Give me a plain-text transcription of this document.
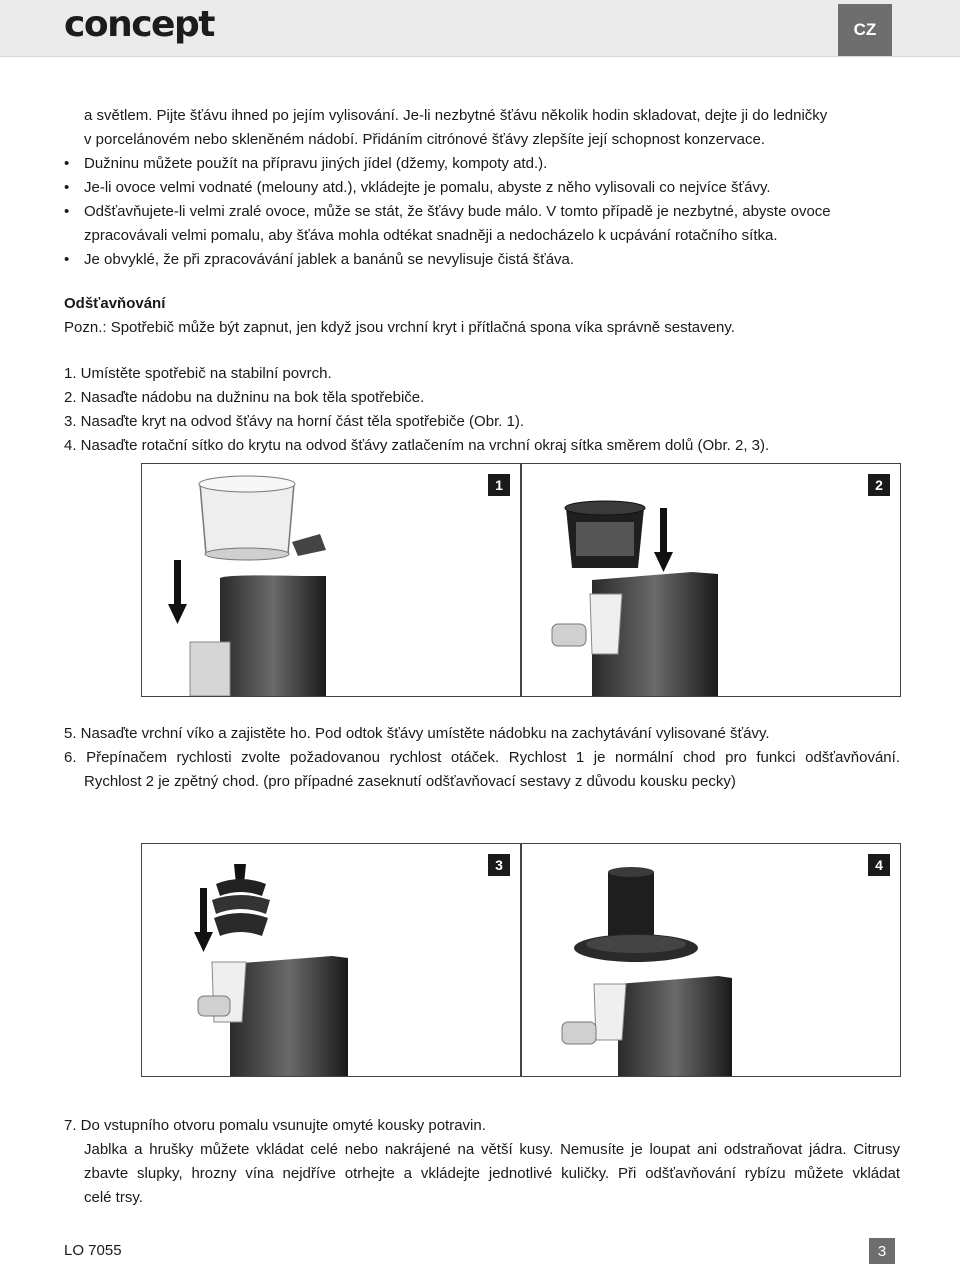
concept	CZ
a světlem. Pijte šťávu ihned po jejím vylisování. Je-li nezbytné šťávu několik hodin skladovat, dejte ji do ledničky
v porcelánovém nebo skleněném nádobí. Přidáním citrónové šťávy zlepšíte její schopnost konzervace.
• Dužninu můžete použít na přípravu jiných jídel (džemy, kompoty atd.).
• Je-li ovoce velmi vodnaté (melouny atd.), vkládejte je pomalu, abyste z něho vylisovali co nejvíce šťávy.
• Odšťavňujete-li velmi zralé ovoce, může se stát, že šťávy bude málo. V tomto případě je nezbytné, abyste ovoce
zpracovávali velmi pomalu, aby šťáva mohla odtékat snadněji a nedocházelo k ucpávání rotačního sítka.
• Je obvyklé, že při zpracovávání jablek a banánů se nevylisuje čistá šťáva.
Odšťavňování
Pozn.: Spotřebič může být zapnut, jen když jsou vrchní kryt i přítlačná spona víka správně sestaveny.
1. Umístěte spotřebič na stabilní povrch.
2. Nasaďte nádobu na dužninu na bok těla spotřebiče.
3. Nasaďte kryt na odvod šťávy na horní část těla spotřebiče (Obr. 1).
4. Nasaďte rotační sítko do krytu na odvod šťávy zatlačením na vrchní okraj sítka směrem dolů (Obr. 2, 3).
1	2
5. Nasaďte vrchní víko a zajistěte ho. Pod odtok šťávy umístěte nádobku na zachytávání vylisované šťávy.
6. Přepínačem rychlosti zvolte požadovanou rychlost otáček. Rychlost 1 je normální chod pro funkci odšťavňování.
Rychlost 2 je zpětný chod. (pro případné zaseknutí odšťavňovací sestavy z důvodu kousku pecky)
3	4
7. Do vstupního otvoru pomalu vsunujte omyté kousky potravin.
Jablka a hrušky můžete vkládat celé nebo nakrájené na větší kusy. Nemusíte je loupat ani odstraňovat jádra. Citrusy
zbavte slupky, hrozny vína nejdříve otrhejte a vkládejte jednotlivé kuličky. Při odšťavňování rybízu můžete vkládat
celé trsy.
LO 7055	3
